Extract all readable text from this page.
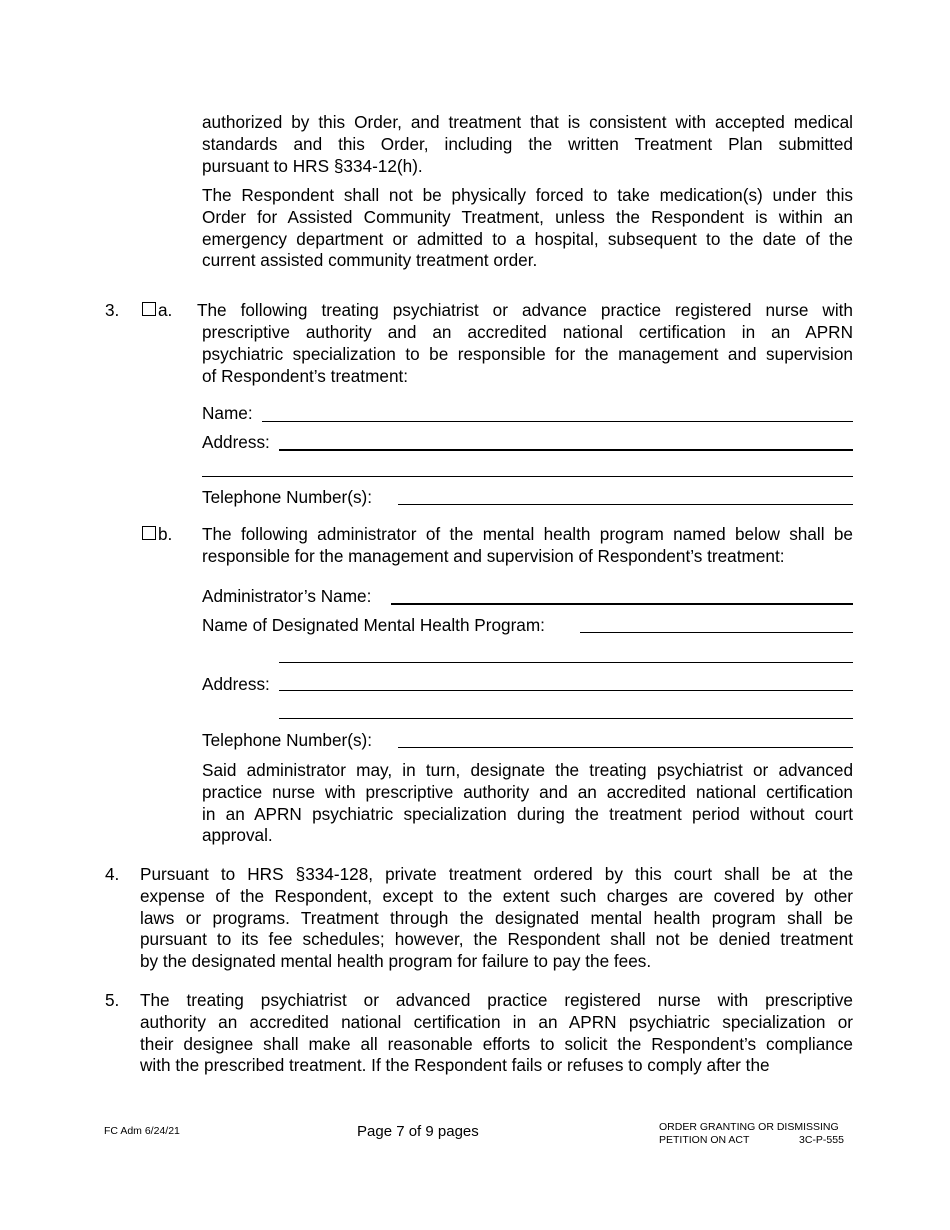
authorized by this Order, and treatment that is consistent with accepted medical
standards and this Order, including the written Treatment Plan submitted
pursuant to HRS §334-12(h).
The Respondent shall not be physically forced to take medication(s) under this
Order for Assisted Community Treatment, unless the Respondent is within an
emergency department or admitted to a hospital, subsequent to the date of the
current assisted community treatment order.
3. a. The following treating psychiatrist or advance practice registered nurse with
prescriptive authority and an accredited national certification in an APRN
psychiatric specialization to be responsible for the management and supervision
of Respondent’s treatment:
Name:
Address:
Telephone Number(s):
b. The following administrator of the mental health program named below shall be
responsible for the management and supervision of Respondent’s treatment:
Administrator’s Name:
Name of Designated Mental Health Program:
Address:
Telephone Number(s):
Said administrator may, in turn, designate the treating psychiatrist or advanced
practice nurse with prescriptive authority and an accredited national certification
in an APRN psychiatric specialization during the treatment period without court
approval.
4. Pursuant to HRS §334-128, private treatment ordered by this court shall be at the
expense of the Respondent, except to the extent such charges are covered by other
laws or programs. Treatment through the designated mental health program shall be
pursuant to its fee schedules; however, the Respondent shall not be denied treatment
by the designated mental health program for failure to pay the fees.
5. The treating psychiatrist or advanced practice registered nurse with prescriptive
authority an accredited national certification in an APRN psychiatric specialization or
their designee shall make all reasonable efforts to solicit the Respondent’s compliance
with the prescribed treatment. If the Respondent fails or refuses to comply after the
FC Adm 6/24/21	Page 7 of 9 pages	ORDER GRANTING OR DISMISSING
PETITION ON ACT	3C-P-555
